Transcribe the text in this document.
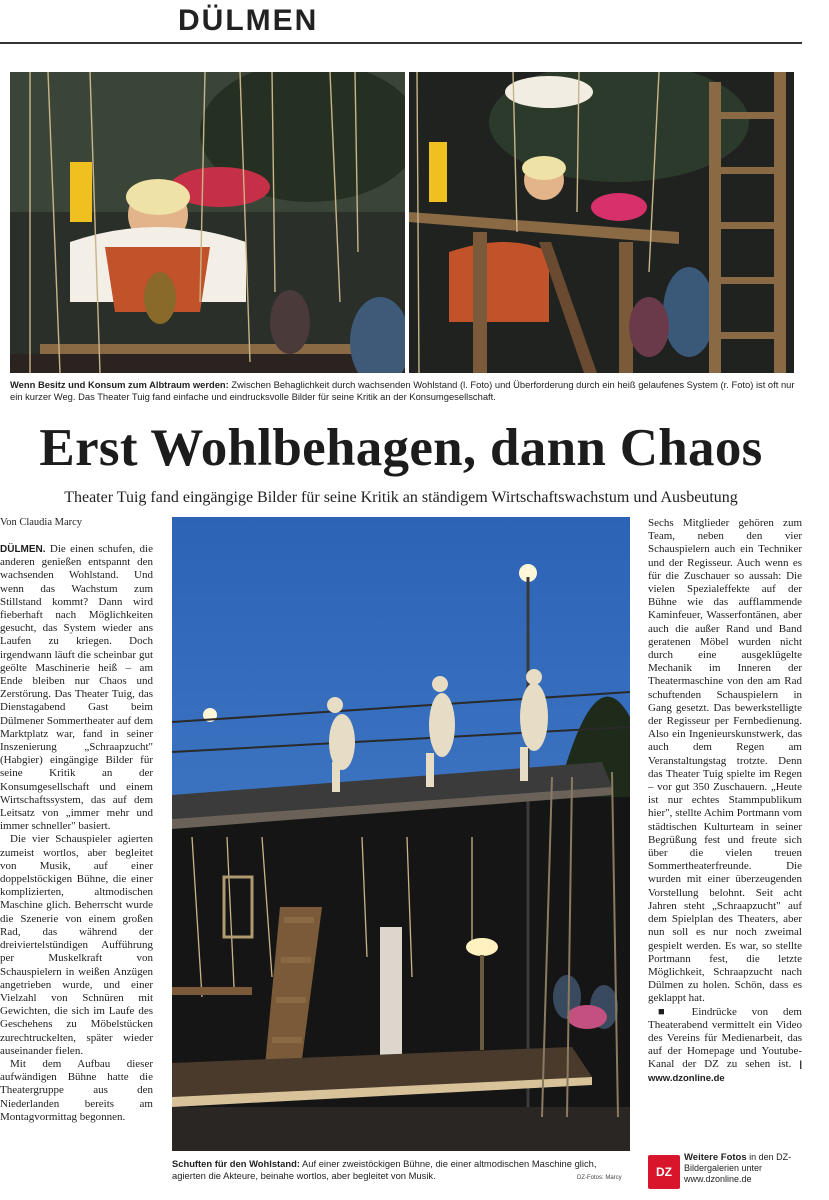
DÜLMEN
Wenn Besitz und Konsum zum Albtraum werden: Zwischen Behaglichkeit durch wachsenden Wohlstand (l. Foto) und Überforderung durch ein heiß gelaufenes System (r. Foto) ist oft nur ein kurzer Weg. Das Theater Tuig fand einfache und eindrucksvolle Bilder für seine Kritik an der Konsumgesellschaft.
Erst Wohlbehagen, dann Chaos
Theater Tuig fand eingängige Bilder für seine Kritik an ständigem Wirtschaftswachstum und Ausbeutung
Von Claudia Marcy

DÜLMEN. Die einen schufen, die anderen genießen entspannt den wachsenden Wohlstand. Und wenn das Wachstum zum Stillstand kommt? Dann wird fieberhaft nach Möglichkeiten gesucht, das System wieder ans Laufen zu kriegen. Doch irgendwann läuft die scheinbar gut geölte Maschinerie heiß – am Ende bleiben nur Chaos und Zerstörung. Das Theater Tuig, das Dienstagabend Gast beim Dülmener Sommertheater auf dem Marktplatz war, fand in seiner Inszenierung „Schraapzucht" (Habgier) eingängige Bilder für seine Kritik an der Konsumgesellschaft und einem Wirtschaftssystem, das auf dem Leitsatz von „immer mehr und immer schneller" basiert.

Die vier Schauspieler agierten zumeist wortlos, aber begleitet von Musik, auf einer doppelstöckigen Bühne, die einer komplizierten, altmodischen Maschine glich. Beherrscht wurde die Szenerie von einem großen Rad, das während der dreiviertelstündigen Aufführung per Muskelkraft von Schauspielern in weißen Anzügen angetrieben wurde, und einer Vielzahl von Schnüren mit Gewichten, die sich im Laufe des Geschehens zu Möbelstücken zurechtruckelten, später wieder auseinander fielen.

Mit dem Aufbau dieser aufwändigen Bühne hatte die Theatergruppe aus den Niederlanden bereits am Montagvormittag begonnen.

Schuften für den Wohlstand: Auf einer zweistöckigen Bühne, die einer altmodischen Maschine glich, agierten die Akteure, beinahe wortlos, aber begleitet von Musik.	DZ-Fotos: Marcy

Sechs Mitglieder gehören zum Team, neben den vier Schauspielern auch ein Techniker und der Regisseur. Auch wenn es für die Zuschauer so aussah: Die vielen Spezialeffekte auf der Bühne wie das aufflammende Kaminfeuer, Wasserfontänen, aber auch die außer Rand und Band geratenen Möbel wurden nicht durch eine ausgeklügelte Mechanik im Inneren der Theatermaschine von den am Rad schuftenden Schauspielern in Gang gesetzt. Das bewerkstelligte der Regisseur per Fernbedienung. Also ein Ingenieurskunstwerk, das auch dem Regen am Veranstaltungstag trotzte. Denn das Theater Tuig spielte im Regen – vor gut 350 Zuschauern. „Heute ist nur echtes Stammpublikum hier", stellte Achim Portmann vom städtischen Kulturteam in seiner Begrüßung fest und freute sich über die vielen treuen Sommertheaterfreunde. Die wurden mit einer überzeugenden Vorstellung belohnt. Seit acht Jahren steht „Schraapzucht" auf dem Spielplan des Theaters, aber nun soll es nur noch zweimal gespielt werden. Es war, so stellte Portmann fest, die letzte Möglichkeit, Schraapzucht nach Dülmen zu holen. Schön, dass es geklappt hat.

■ Eindrücke von dem Theaterabend vermittelt ein Video des Vereins für Medienarbeit, das auf der Homepage und Youtube-Kanal der DZ zu sehen ist. | www.dzonline.de

DZ
Weitere Fotos in den DZ-Bildergalerien unter
www.dzonline.de
